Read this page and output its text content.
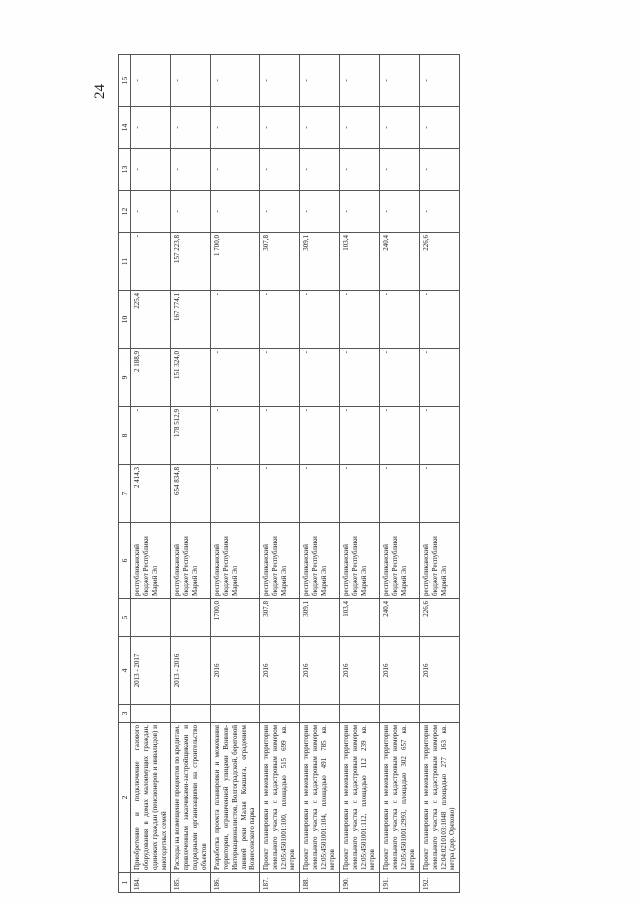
24
1	2	3	4	5	6	7	8	9	10	11	12	13	14	15
184.	Приобретение и подключение газового оборудования в домах малоимущих граждан, одиноких граждан (пенсионеров и инвалидов) и многодетных семей		2013 - 2017		республиканский бюджет Республики Марий Эл	2 414,3	-	2 188,9	225,4	-	-	-	-	-
185.	Расходы на возмещение процентов по кредитам, привлеченным заказчиками-застройщиками и подрядными организациями на строительство объектов		2013 - 2016		республиканский бюджет Республики Марий Эл	654 834,8	178 512,9	151 324,0	167 774,1	157 223,8	-	-	-	-
186.	Разработка проекта планировки и межевания территории, ограниченной улицами Воинов-Интернационалистов, Волгоградской, береговой линией реки Малая Кокшага, оградением Вознесенского парка		2016	1700,0	республиканский бюджет Республики Марий Эл	-	-	-	-	1 700,0	-	-	-	-
187.	Проект планировки и межевания территории земельного участка с кадастровым номером 12:05:4501001:100, площадью 515 699 кв. метров		2016	307,8	республиканский бюджет Республики Марий Эл	-	-	-	-	307,8	-	-	-	-
188.	Проект планировки и межевания территории земельного участка с кадастровым номером 12:05:4501001:104, площадью 491 785 кв. метров		2016	309,1	республиканский бюджет Республики Марий Эл	-	-	-	-	309,1	-	-	-	-
190.	Проект планировки и межевания территории земельного участка с кадастровым номером 12:05:4501001:112, площадью 112 239 кв. метров		2016	103,4	республиканский бюджет Республики Марий Эл	-	-	-	-	103,4	-	-	-	-
191.	Проект планировки и межевания территории земельного участка с кадастровым номером 12:05:4501001:2993, площадью 302 657 кв. метров		2016	240,4	республиканский бюджет Республики Марий Эл	-	-	-	-	240,4	-	-	-	-
192.	Проект планировки и межевания территории земельного участка с кадастровым номером 12:04:0210103:1048 площадью 277 163 кв. метра (дер. Орехово)		2016	226,6	республиканский бюджет Республики Марий Эл	-	-	-	-	226,6	-	-	-	-
